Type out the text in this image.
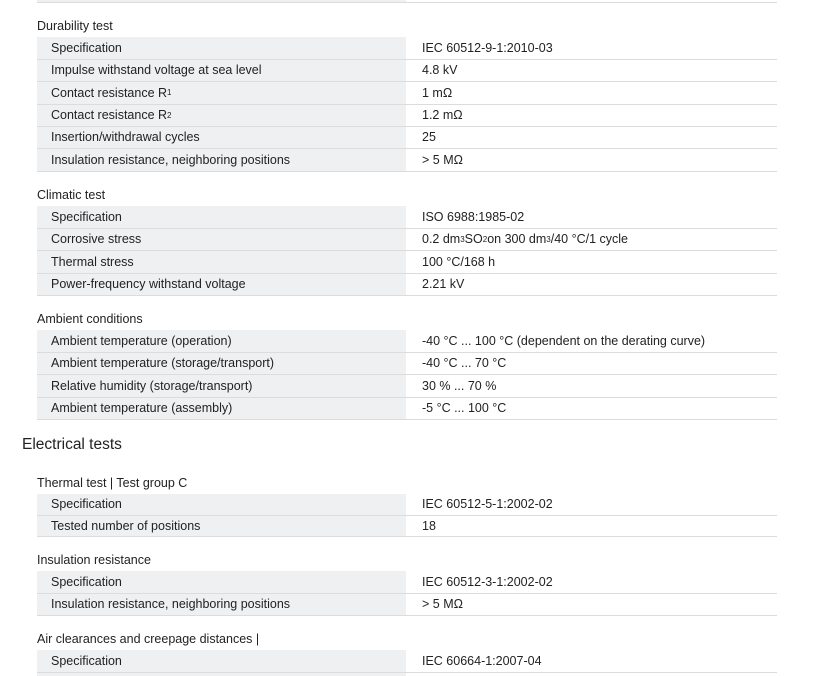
Durability test
Specification	IEC 60512-9-1:2010-03
Impulse withstand voltage at sea level	4.8 kV
Contact resistance R 1	1 mΩ
Contact resistance R 2	1.2 mΩ
Insertion/withdrawal cycles	25
Insulation resistance, neighboring positions	> 5 MΩ
Climatic test
Specification	ISO 6988:1985-02
Corrosive stress	0.2 dm 3 SO 2 on 300 dm 3 /40 °C/1 cycle
Thermal stress	100 °C/168 h
Power-frequency withstand voltage	2.21 kV
Ambient conditions
Ambient temperature (operation)	-40 °C ... 100 °C (dependent on the derating curve)
Ambient temperature (storage/transport)	-40 °C ... 70 °C
Relative humidity (storage/transport)	30 % ... 70 %
Ambient temperature (assembly)	-5 °C ... 100 °C
Electrical tests
Thermal test | Test group C
Specification	IEC 60512-5-1:2002-02
Tested number of positions	18
Insulation resistance
Specification	IEC 60512-3-1:2002-02
Insulation resistance, neighboring positions	> 5 MΩ
Air clearances and creepage distances |
Specification	IEC 60664-1:2007-04
